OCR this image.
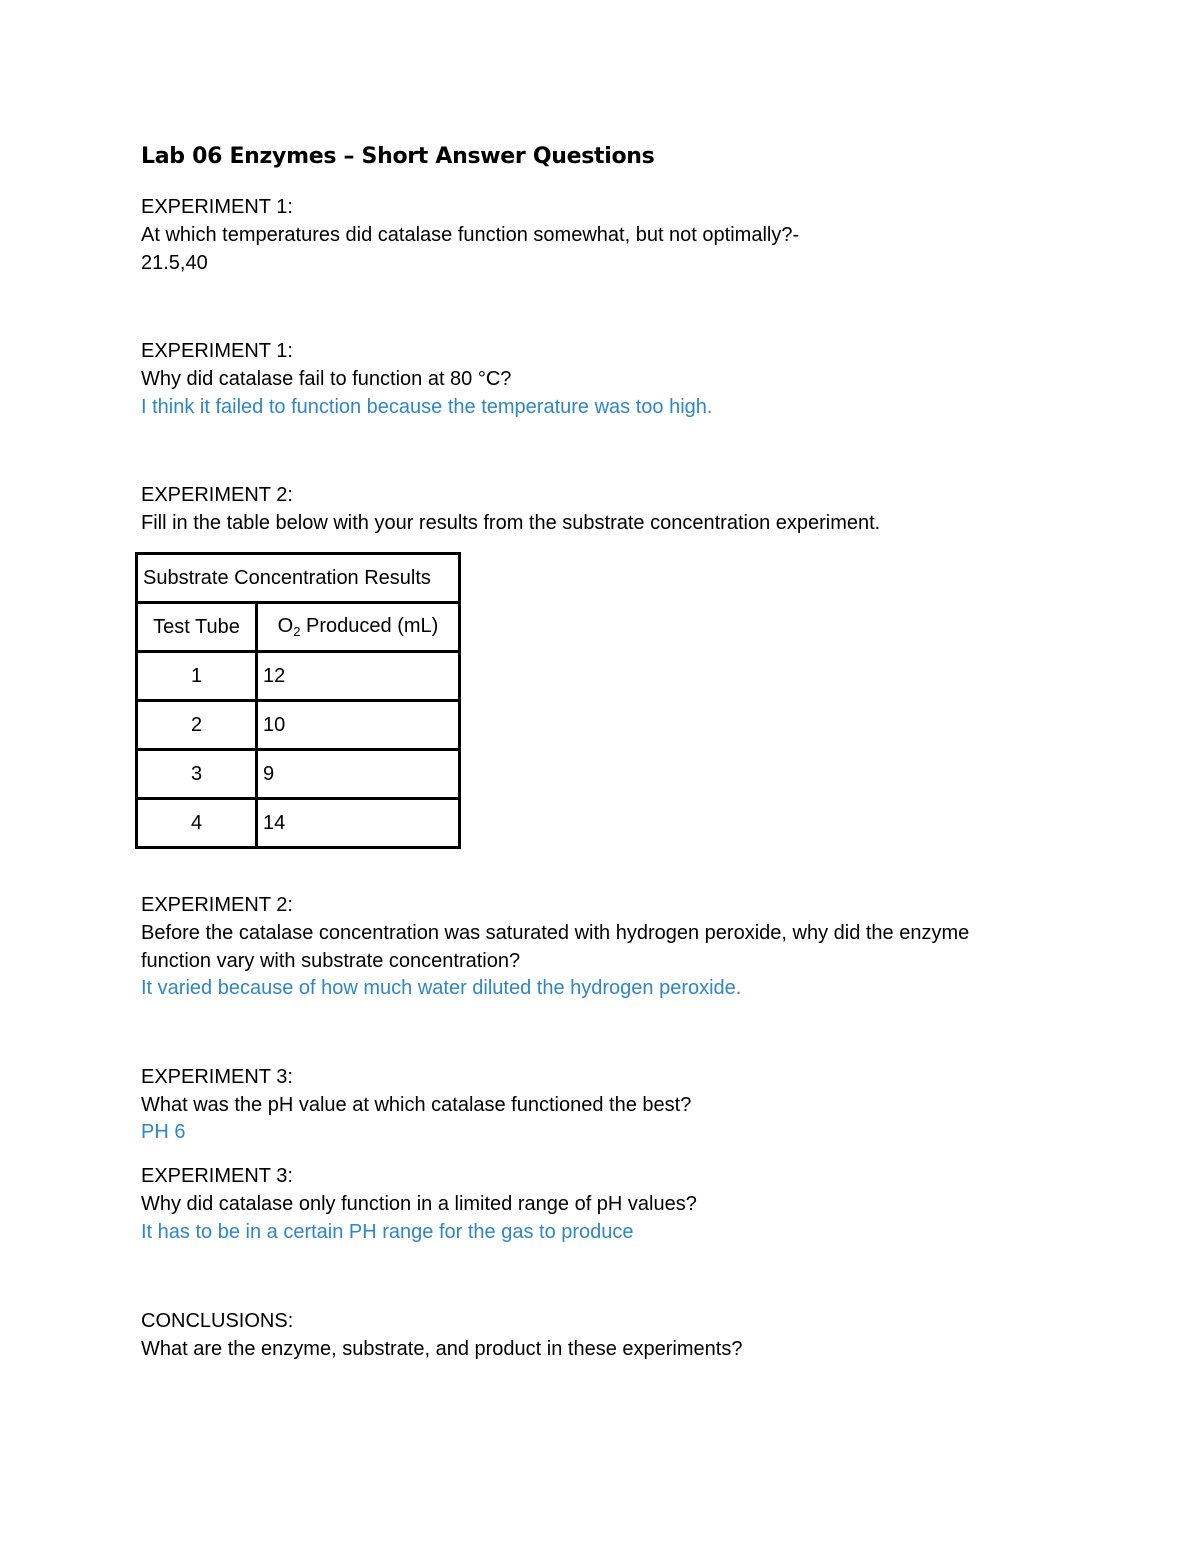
Lab 06 Enzymes – Short Answer Questions
EXPERIMENT 1:
At which temperatures did catalase function somewhat, but not optimally?-
21.5,40
EXPERIMENT 1:
Why did catalase fail to function at 80 °C?
I think it failed to function because the temperature was too high.
EXPERIMENT 2:
Fill in the table below with your results from the substrate concentration experiment.
Substrate Concentration Results	
Test Tube	$O_2$ Produced (mL)
1	12
2	10
3	9
4	14
EXPERIMENT 2:
Before the catalase concentration was saturated with hydrogen peroxide, why did the enzyme
function vary with substrate concentration?
It varied because of how much water diluted the hydrogen peroxide.
EXPERIMENT 3:
What was the pH value at which catalase functioned the best?
PH 6
EXPERIMENT 3:
Why did catalase only function in a limited range of pH values?
It has to be in a certain PH range for the gas to produce
CONCLUSIONS:
What are the enzyme, substrate, and product in these experiments?
